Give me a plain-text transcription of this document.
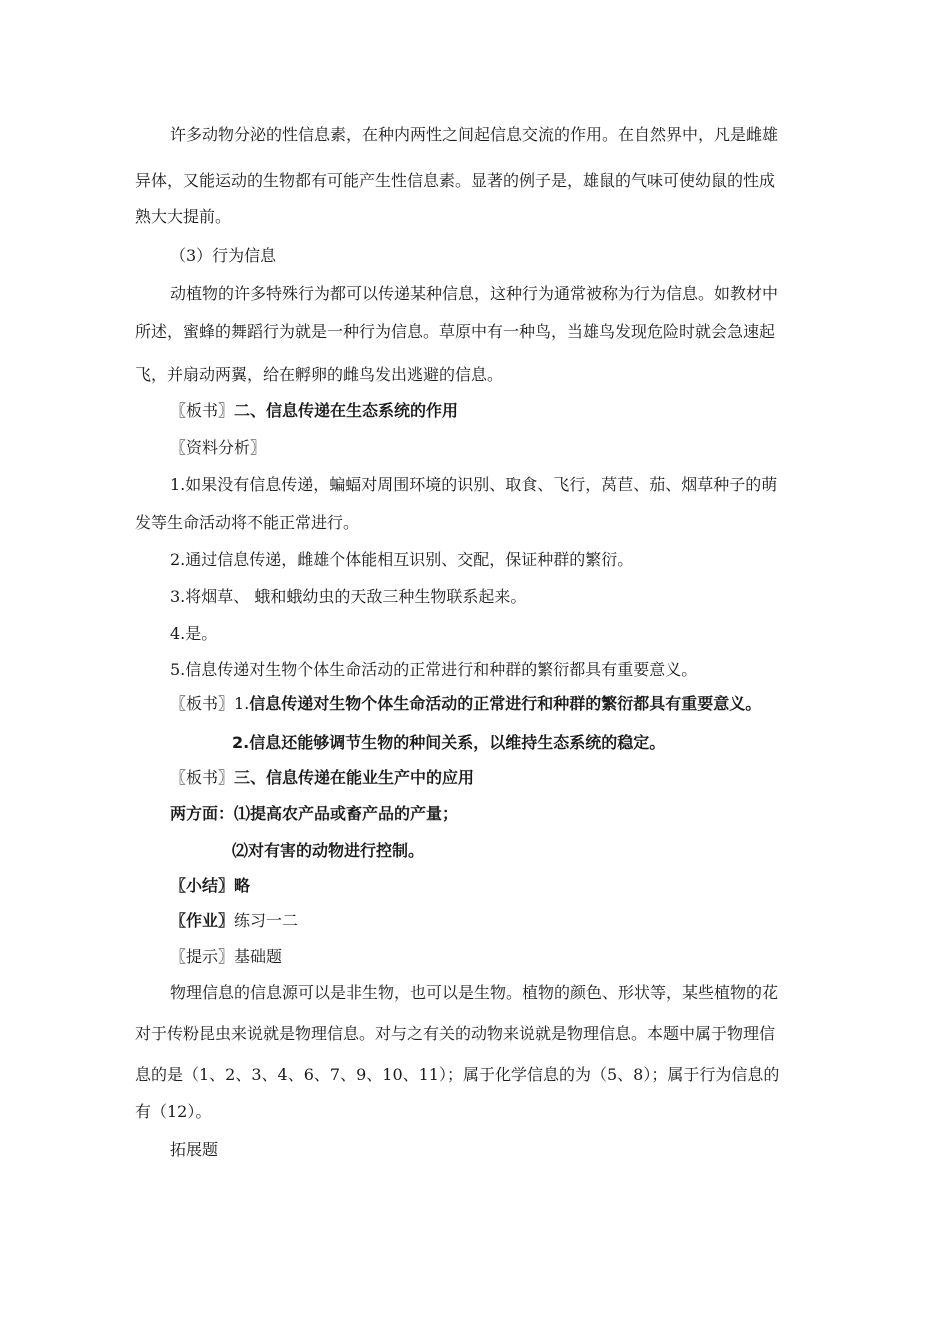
许多动物分泌的性信息素，在种内两性之间起信息交流的作用。在自然界中，凡是雌雄
异体，又能运动的生物都有可能产生性信息素。显著的例子是，雄鼠的气味可使幼鼠的性成
熟大大提前。
（3）行为信息
动植物的许多特殊行为都可以传递某种信息，这种行为通常被称为行为信息。如教材中
所述，蜜蜂的舞蹈行为就是一种行为信息。草原中有一种鸟，当雄鸟发现危险时就会急速起
飞，并扇动两翼，给在孵卵的雌鸟发出逃避的信息。
〖板书〗二、信息传递在生态系统的作用
〖资料分析〗
1.如果没有信息传递，蝙蝠对周围环境的识别、取食、飞行，莴苣、茄、烟草种子的萌
发等生命活动将不能正常进行。
2.通过信息传递，雌雄个体能相互识别、交配，保证种群的繁衍。
3.将烟草、 蛾和蛾幼虫的天敌三种生物联系起来。
4.是。
5.信息传递对生物个体生命活动的正常进行和种群的繁衍都具有重要意义。
〖板书〗1.信息传递对生物个体生命活动的正常进行和种群的繁衍都具有重要意义。
2.信息还能够调节生物的种间关系，以维持生态系统的稳定。
〖板书〗三、信息传递在能业生产中的应用
两方面：⑴提高农产品或畜产品的产量；
⑵对有害的动物进行控制。
〖小结〗略
〖作业〗练习一二
〖提示〗基础题
物理信息的信息源可以是非生物，也可以是生物。植物的颜色、形状等，某些植物的花
对于传粉昆虫来说就是物理信息。对与之有关的动物来说就是物理信息。本题中属于物理信
息的是（1、2、3、4、6、7、9、10、11）；属于化学信息的为（5、8）；属于行为信息的
有（12）。
拓展题
